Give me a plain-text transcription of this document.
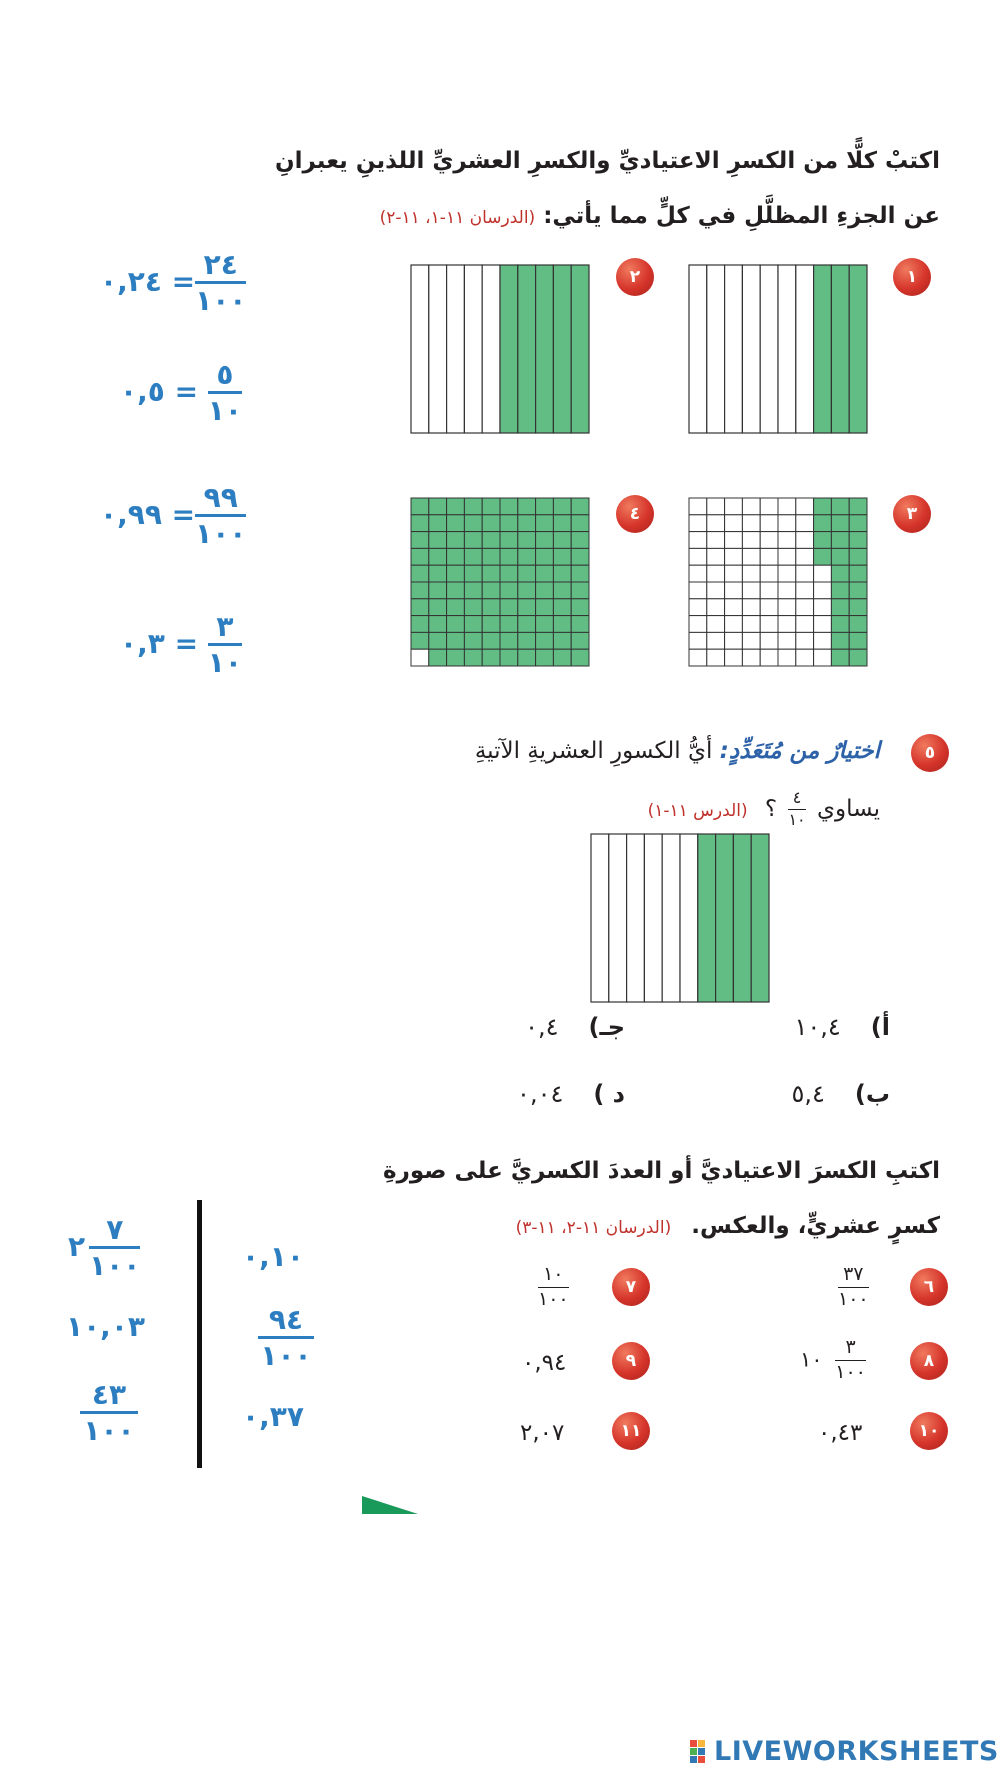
اكتبْ كلًّا من الكسرِ الاعتياديِّ والكسرِ العشريِّ اللذينِ يعبرانِ
عن الجزءِ المظلَّلِ في كلٍّ مما يأتي: (الدرسان ١١-١، ١١-٢)
١
٢
٣
٤
٠,٢٤ = $\frac{٢٤}{١٠٠}$
٠,٥ = $\frac{٥}{١٠}$
٠,٩٩ = $\frac{٩٩}{١٠٠}$
٠,٣ = $\frac{٣}{١٠}$
٥
اختيارٌ من مُتَعَدِّدٍ: أيُّ الكسورِ العشريةِ الآتيةِ
يساوي
$\frac{٤}{١٠}$
؟ (الدرس ١١-١)
أ)١٠,٤
جـ)٠,٤
ب)٥,٤
د )٠,٠٤
اكتبِ الكسرَ الاعتياديَّ أو العددَ الكسريَّ على صورةِ
كسرٍ عشريٍّ، والعكس. (الدرسان ١١-٢، ١١-٣)
٦
٧
٨
٩
١٠
١١
$\frac{٣٧}{١٠٠}$
$\frac{١٠}{١٠٠}$
١٠ $\frac{٣}{١٠٠}$
٠,٩٤
٠,٤٣
٢,٠٧
٠,١٠
$\frac{٩٤}{١٠٠}$
٠,٣٧
٢ $\frac{٧}{١٠٠}$
١٠,٠٣
$\frac{٤٣}{١٠٠}$
LIVEWORKSHEETS
